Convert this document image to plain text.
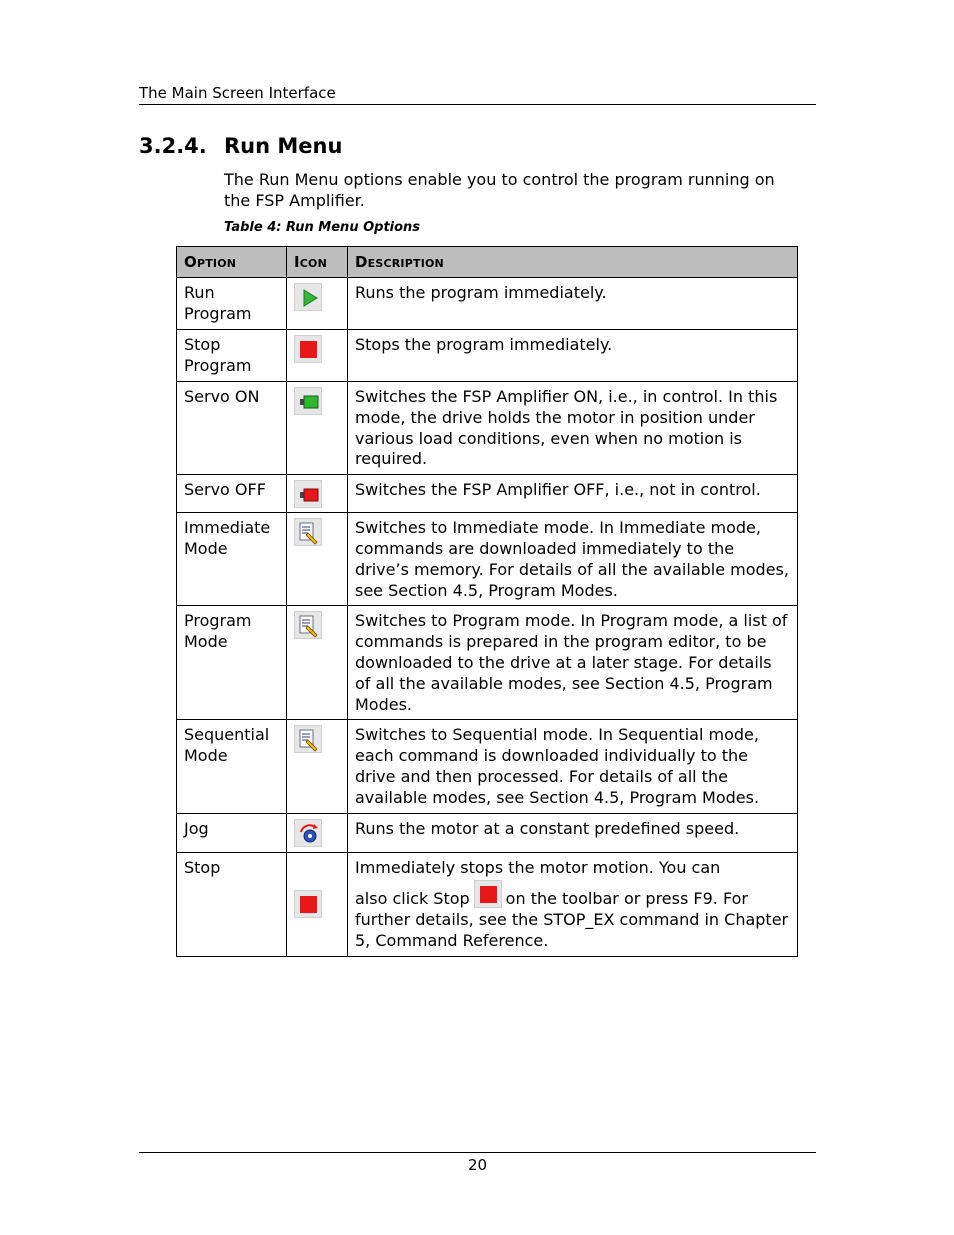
The Main Screen Interface
3.2.4. Run Menu

The Run Menu options enable you to control the program running on the FSP Amplifier.

Table 4: Run Menu Options
Option	Icon	Description
Run Program		Runs the program immediately.
Stop Program		Stops the program immediately.
Servo ON		Switches the FSP Amplifier ON, i.e., in control. In this mode, the drive holds the motor in position under various load conditions, even when no motion is required.
Servo OFF		Switches the FSP Amplifier OFF, i.e., not in control.
Immediate Mode		Switches to Immediate mode. In Immediate mode, commands are downloaded immediately to the drive’s memory. For details of all the available modes, see Section 4.5, Program Modes.
Program Mode		Switches to Program mode. In Program mode, a list of commands is prepared in the program editor, to be downloaded to the drive at a later stage. For details of all the available modes, see Section 4.5, Program Modes.
Sequential Mode		Switches to Sequential mode. In Sequential mode, each command is downloaded individually to the drive and then processed. For details of all the available modes, see Section 4.5, Program Modes.
Jog		Runs the motor at a constant predefined speed.
Stop		Immediately stops the motor motion. You can
also click Stop on the toolbar or press F9. For further details, see the STOP_EX command in Chapter 5, Command Reference.
20
